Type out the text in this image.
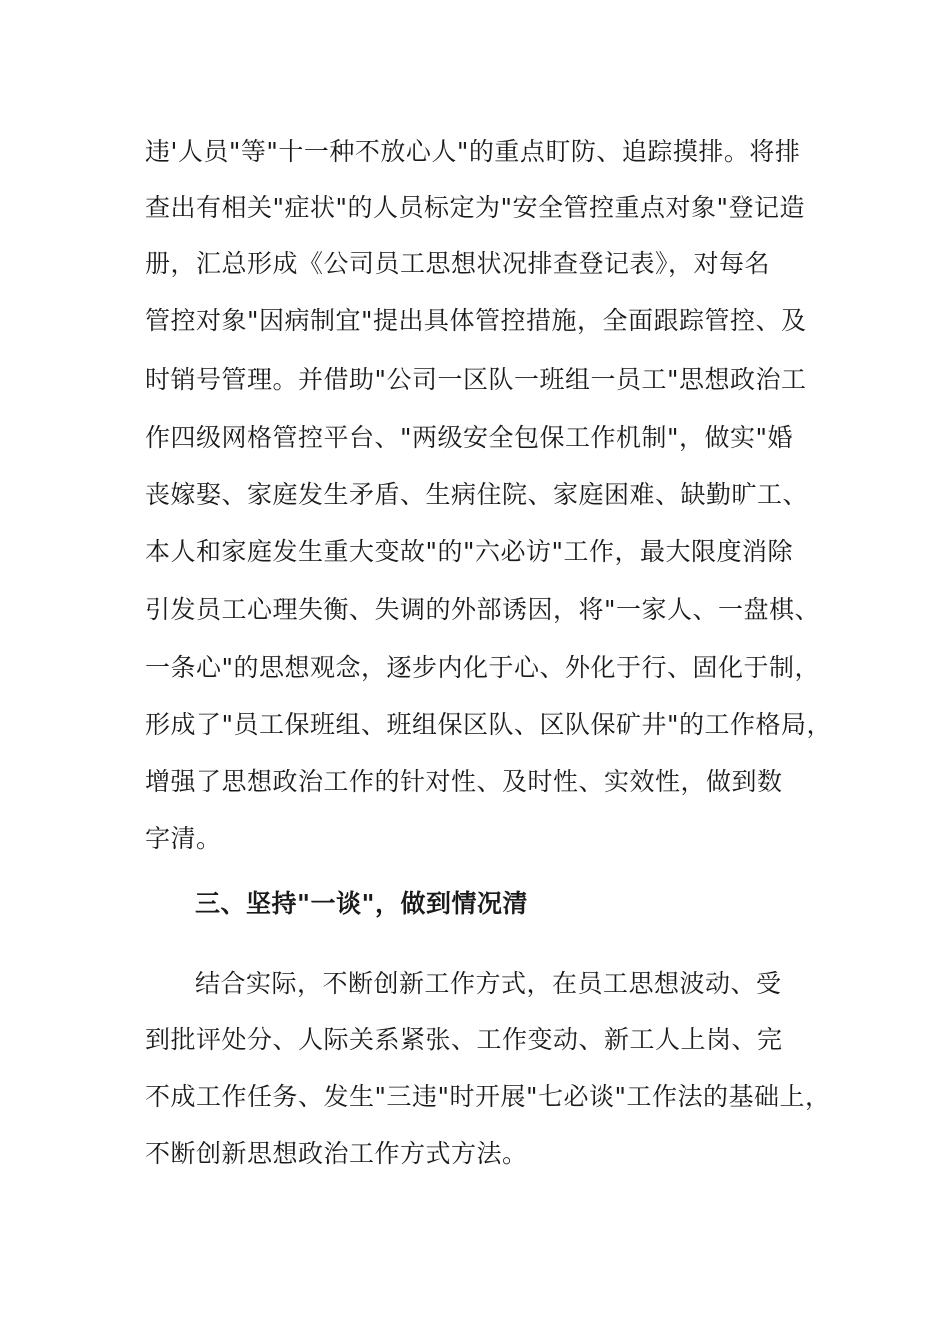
违'人员"等"十一种不放心人"的重点盯防、追踪摸排。将排
查出有相关"症状"的人员标定为"安全管控重点对象"登记造
册，汇总形成《公司员工思想状况排查登记表》，对每名
管控对象"因病制宜"提出具体管控措施，全面跟踪管控、及
时销号管理。并借助"公司一区队一班组一员工"思想政治工
作四级网格管控平台、"两级安全包保工作机制"，做实"婚
丧嫁娶、家庭发生矛盾、生病住院、家庭困难、缺勤旷工、
本人和家庭发生重大变故"的"六必访"工作，最大限度消除
引发员工心理失衡、失调的外部诱因，将"一家人、一盘棋、
一条心"的思想观念，逐步内化于心、外化于行、固化于制，
形成了"员工保班组、班组保区队、区队保矿井"的工作格局，
增强了思想政治工作的针对性、及时性、实效性，做到数
字清。
三、坚持"一谈"，做到情况清
结合实际，不断创新工作方式，在员工思想波动、受
到批评处分、人际关系紧张、工作变动、新工人上岗、完
不成工作任务、发生"三违"时开展"七必谈"工作法的基础上，
不断创新思想政治工作方式方法。
